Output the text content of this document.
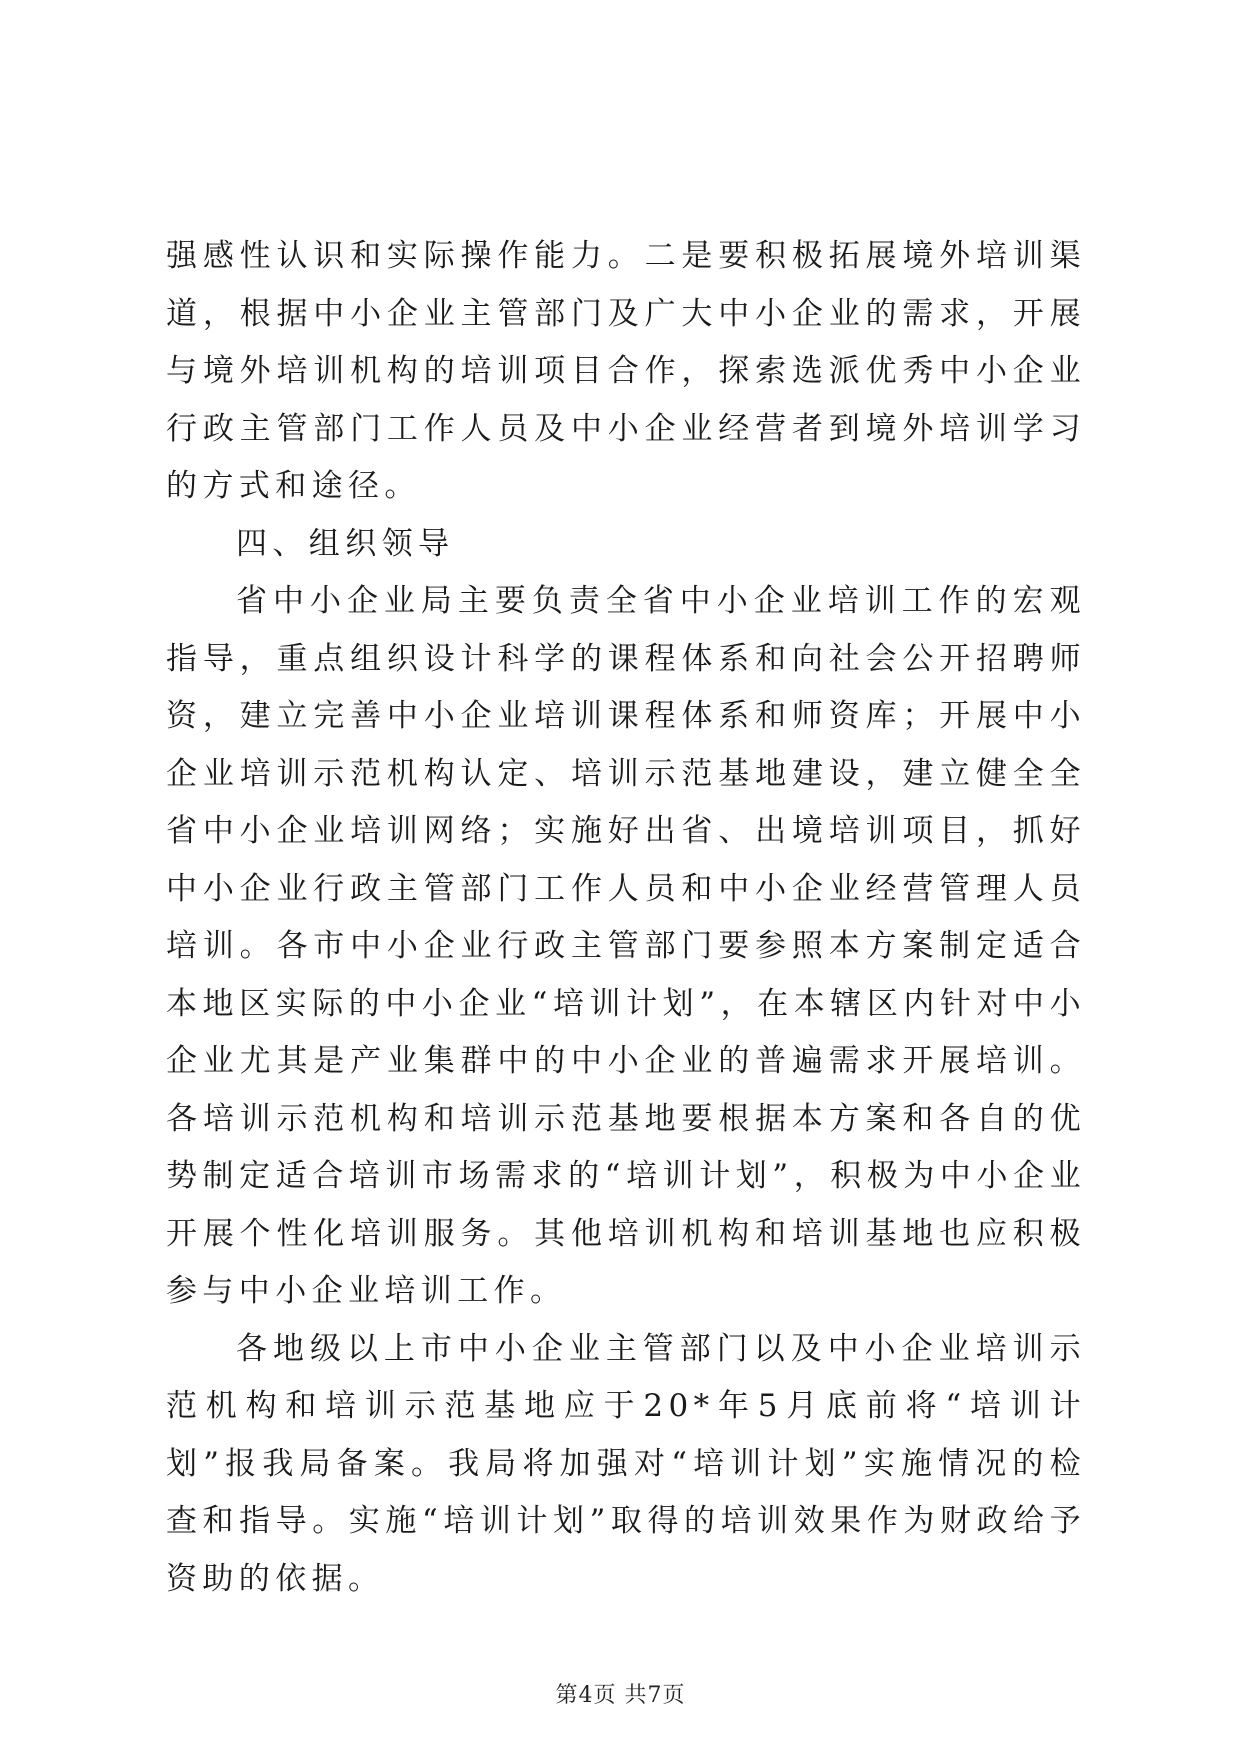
强感性认识和实际操作能力。二是要积极拓展境外培训渠道，根据中小企业主管部门及广大中小企业的需求，开展与境外培训机构的培训项目合作，探索选派优秀中小企业行政主管部门工作人员及中小企业经营者到境外培训学习的方式和途径。

四、组织领导

省中小企业局主要负责全省中小企业培训工作的宏观指导，重点组织设计科学的课程体系和向社会公开招聘师资，建立完善中小企业培训课程体系和师资库；开展中小企业培训示范机构认定、培训示范基地建设，建立健全全省中小企业培训网络；实施好出省、出境培训项目，抓好中小企业行政主管部门工作人员和中小企业经营管理人员培训。各市中小企业行政主管部门要参照本方案制定适合本地区实际的中小企业“培训计划”，在本辖区内针对中小企业尤其是产业集群中的中小企业的普遍需求开展培训。各培训示范机构和培训示范基地要根据本方案和各自的优势制定适合培训市场需求的“培训计划”，积极为中小企业开展个性化培训服务。其他培训机构和培训基地也应积极参与中小企业培训工作。

各地级以上市中小企业主管部门以及中小企业培训示范机构和培训示范基地应于20*年5月底前将“培训计划”报我局备案。我局将加强对“培训计划”实施情况的检查和指导。实施“培训计划”取得的培训效果作为财政给予资助的依据。

第4页 共7页
